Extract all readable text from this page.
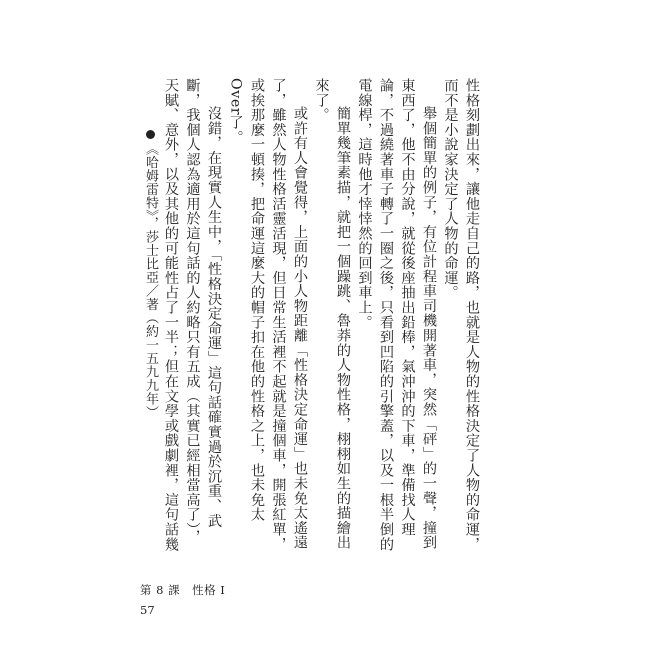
性格刻劃出來，讓他走自己的路，也就是人物的性格決定了人物的命運，而不是小說家決定了人物的命運。

舉個簡單的例子，有位計程車司機開著車，突然「砰」的一聲，撞到東西了，他不由分說，就從後座抽出鉛棒，氣沖沖的下車，準備找人理論，不過繞著車子轉了一圈之後，只看到凹陷的引擎蓋，以及一根半倒的電線桿，這時他才悻悻然的回到車上。

簡單幾筆素描，就把一個躁跳、魯莽的人物性格，栩栩如生的描繪出來了。

或許有人會覺得，上面的小人物距離「性格決定命運」也未免太遙遠了，雖然人物性格活靈活現，但日常生活裡不起就是撞個車，開張紅單，或挨那麼一頓揍，把命運這麼大的帽子扣在他的性格之上，也未免太Over了。

沒錯，在現實人生中，「性格決定命運」這句話確實過於沉重、武斷，我個人認為適用於這句話的人約略只有五成（其實已經相當高了），天賦、意外，以及其他的可能性占了一半；但在文學或戲劇裡，這句話幾

《哈姆雷特》，莎士比亞／著（約一五九九年）
第 8 課　性格 I
57
